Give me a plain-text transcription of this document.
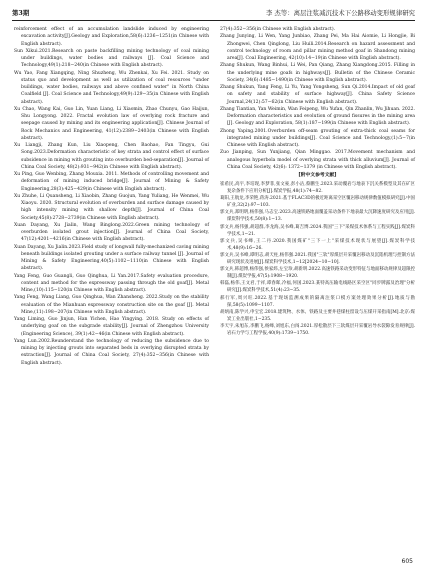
第3期	李 杰等：离层注浆减沉技术下公路移动变形规律研究

reinforcement effect of an accumulation landslide induced by engineering excavation activity[J].Geology and Exploration,58(6):1236−1251(in Chinese with English abstract).

Sun Xikui.2021.Research on paste backfilling mining technology of coal mining under buildings, water bodies and railways [J]. Coal Science and Technology,49(1):218−240(in Chinese with English abstract).

Wu Yao, Fang Xiangqing, Ning Shuzheng, Wu Zhenkai, Xu Fei. 2021. Study on status quo and development as well as utilization of coal resources "under buildings, water bodies, railways and above confined water" in North China Coalfield [J]. Coal Science and Technology,49(9):129−35(in Chinese with English abstract).

Xu Chao, Wang Kai, Guo Lin, Yuan Liang, Li Xiaomin, Zhao Chunyu, Gao Haijun, Shu Longyong. 2022. Fractal evolution law of overlying rock fracture and seepage caused by mining and its engineering application[J]. Chinese Journal of Rock Mechanics and Engineering, 41(12):2389−2403(in Chinese with English abstract).

Xu Liangji, Zhang Kun, Liu Xiaopeng, Chen Baohao, Fan Tingyu, Gui Song.2023.Deformation characteristic of key strata and control effect of surface subsidence in mining with grouting into overburden bed-separation[J]. Journal of China Coal Society, 48(2):931−942(in Chinese with English abstract).

Xu Ping, Guo Wenbing, Zhang Mouxia. 2011. Methods of controlling movement and deformation of mining induced bridge[J]. Journal of Mining & Safety Engineering,28(3):425−429(in Chinese with English abstract).

Xu Zhuhe, Li Quansheng, Li Xiaobin, Zhang Guojun, Yang Yuliang, He Wenmei, Wu Xiaoyu. 2020. Structural evolution of overburden and surface damage caused by high intensity mining with shallow depth[J]. Journal of China Coal Society,45(8):2728−2739(in Chinese with English abstract).

Xuan Dayang, Xu Jialin, Wang Binglong.2022.Green mining technology of overburden isolated grout injection[J]. Journal of China Coal Society, 47(12):4201−4216(in Chinese with English abstract).

Xuan Dayang, Xu Jialin.2023.Field study of longwall fully-mechanized caving mining beneath buildings isolated grouting under a surface railway tunnel [J]. Journal of Mining & Safety Engineering,40(5):1102−1110(in Chinese with English abstract).

Yang Feng, Guo Guangli, Guo Qinghua, Li Yan.2017.Safety evaluation procedure, content and method for the expressway passing through the old goaf[J]. Metal Mine,(10):115−120(in Chinese with English abstract).

Yang Feng, Wang Liang, Guo Qinghua, Wan Zhansheng. 2022.Study on the stability evaluation of the Mianhuan expressway construction site on the goaf [J]. Metal Mine,(11):198−207(in Chinese with English abstract).

Yang Liming, Guo Jinjun, Han Yichen, Hao Yingying. 2018. Study on effects of underlying goaf on the subgrade stability[J]. Journal of Zhengzhou University (Engineering Science), 39(1):42−46(in Chinese with English abstract).

Yang Lun.2002.Reunderstand the technology of reducing the subsidence due to mining by injecting grouts into separated beds in overlying disrupted strata by extraction[J]. Journal of China Coal Society, 27(4):352−356(in Chinese with English abstract).

27(4):352−356(in Chinese with English abstract).

Zhang Junying, Li Wen, Yang Junbiao, Zhang Pei, Ma Hai Aiomie, Li Hongjie, Bi Zhongwei, Chen Qinglong, Liu Huili.2014.Research on hazard assessment and control technology of room and pillar mining method goaf in Shandong mining area[J]. Coal Engineering, 42(10):14−19(in Chinese with English abstract).

Zhang Shukun, Wang Binhui, Li Wei, Pan Qiang, Zhang Xiangdong.2015. Filling in the underlying mine goafs in highways[J]. Bulletin of the Chinese Ceramic Society, 34(6):1485−1490(in Chinese with English abstract).

Zhang Shukun, Yang Feng, Li Yu, Yang Yongsheng, Sun Qi.2014.Impact of old goaf on safety and stability of surface highway[J]. China Safety Science Journal,24(12):57−62(in Chinese with English abstract).

Zhang Tiantian, Yan Weimin, Wan Feipeng, Wu Yufan, Qin Zhanlin, Wu Jihuan. 2022. Deformation characteristics and evolution of ground fissures in the mining area [J]. Geology and Exploration, 58(1):187−199(in Chinese with English abstract).

Zhong Yaping.2001.Overburden off-seam grouting of extra-thick coal seams for integrated mining under buildings[J]. Coal Science and Technology,(1):5−7(in Chinese with English abstract).

Zuo Jianping, Sun Yunjiang, Qian Minggao. 2017.Movement mechanism and analogous hyperbola model of overlying strata with thick alluvium[J]. Journal of China Coal Society, 42(6): 1372−1379 (in Chinese with English abstract).

[附中文参考文献]

崔希民,高宇,李培现,李梦菲,张文豪,彭小沾,蔡鹏生.2023.采动覆岩与地表下沉关系模型及其在矿区复杂条件下应用分析[J].煤炭学报,48(1):74−82.

葛阳,王航龙,李荣艳,蒋涛.2021.基于FLAC3D的极近距离采空区覆岩移动规律数值模拟研究[J].中国矿业,32(2):97−103.

郭文兵,郑明明,杨伟强,马志宝.2023.高速铁路地面覆盖采动条件下地表最大沉降速度研究及应用[J].煤炭科学技术,50(8):1−13.

郭文兵,杨伟强,胡超群,李龙海,吴书峰,葛吉博.2024.我国"三下"采煤技术体系与工程实践[J].煤炭科学技术,1−21.

郭文兵,吴书峰,王二丹.2020.我国煤矿"三下一上"采煤技术现状与展望[J].煤炭科学技术,48(9):16−26.

郭文兵,吴书峰,谭明志,胡天柱,杨伟强.2021.我国"三软"厚煤层开采覆岩移动及沉陷机理与控制方法研究现状及进展[J].煤炭科学技术,1−12[2024−10−10].

郭文兵,韩超博,杨伟强,侯家炜,左宝珍,胡新明.2022.高速铁路采动变形特征与地面移动规律及超限控制[J].煤炭学报,47(5):1908−1920.

韩磊,杨伟,王文君,于祥,谭春晖,冷福,何国.2023.某特高压输电线路区采空区"同步牌露及治理"分析研究[J].煤炭科学技术,51(4):23−35.

郝行军,周兴旺.2022.基于现场监测成果的隔离注浆口模方案处理效果分析[J].地质与勘探,58(5):1099−1107.

胡炳南,陈学兴,申宝宏.2018.建筑物、水体、铁路及主要井巷煤柱留设与压煤开采指南[M].北京:煤炭工业出版社,1−235.

李天宇,朱旭东,李鹏飞,杨峰,刘旭东,白闯.2021.厚松散层下三软煤层开采覆岩导水裂隙发育规律[J].岩石力学与工程学报,40(9):1739−1750.

605
